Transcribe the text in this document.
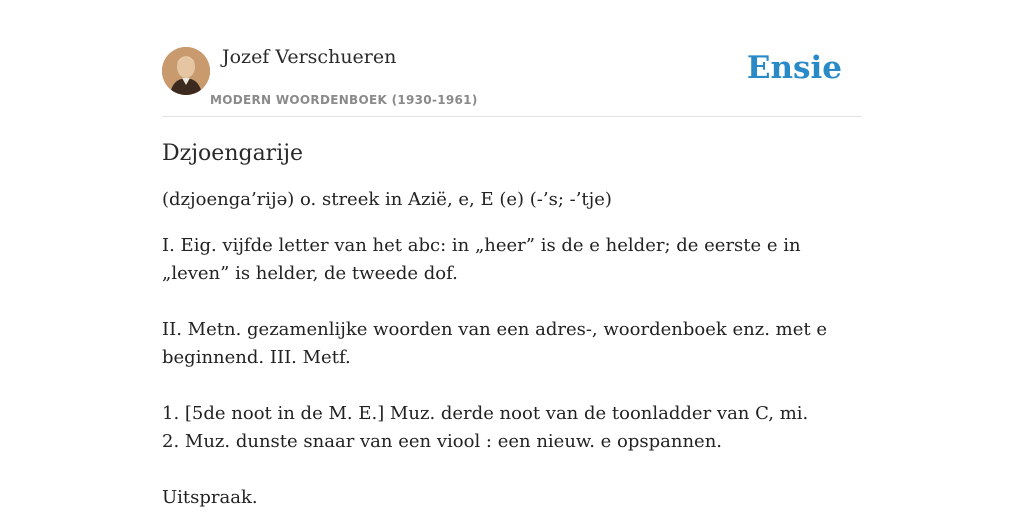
Jozef Verschueren
MODERN WOORDENBOEK (1930-1961)
Ensie
Dzjoengarije

(dzjoenga’rijə) o. streek in Azië, e, E (e) (-’s; -’tje)

I. Eig. vijfde letter van het abc: in „heer” is de e helder; de eerste e in „leven” is helder, de tweede dof.
II. Metn. gezamenlijke woorden van een adres-, woordenboek enz. met e beginnend. III. Metf.
1. [5de noot in de M. E.] Muz. derde noot van de toonladder van C, mi.
2. Muz. dunste snaar van een viool : een nieuw. e opspannen.
Uitspraak.
